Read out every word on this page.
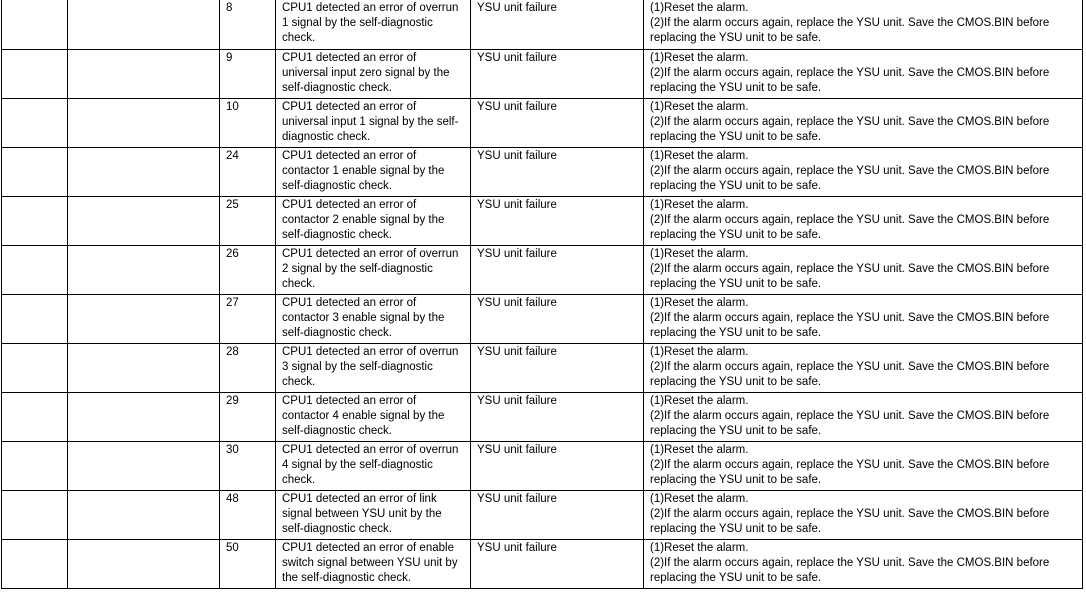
		8	CPU1 detected an error of overrun 1 signal by the self-diagnostic check.	YSU unit failure	(1)Reset the alarm.
(2)If the alarm occurs again, replace the YSU unit. Save the CMOS.BIN before replacing the YSU unit to be safe.

		9	CPU1 detected an error of universal input zero signal by the self-diagnostic check.	YSU unit failure	(1)Reset the alarm.
(2)If the alarm occurs again, replace the YSU unit. Save the CMOS.BIN before replacing the YSU unit to be safe.

		10	CPU1 detected an error of universal input 1 signal by the self-diagnostic check.	YSU unit failure	(1)Reset the alarm.
(2)If the alarm occurs again, replace the YSU unit. Save the CMOS.BIN before replacing the YSU unit to be safe.

		24	CPU1 detected an error of contactor 1 enable signal by the self-diagnostic check.	YSU unit failure	(1)Reset the alarm.
(2)If the alarm occurs again, replace the YSU unit. Save the CMOS.BIN before replacing the YSU unit to be safe.

		25	CPU1 detected an error of contactor 2 enable signal by the self-diagnostic check.	YSU unit failure	(1)Reset the alarm.
(2)If the alarm occurs again, replace the YSU unit. Save the CMOS.BIN before replacing the YSU unit to be safe.

		26	CPU1 detected an error of overrun 2 signal by the self-diagnostic check.	YSU unit failure	(1)Reset the alarm.
(2)If the alarm occurs again, replace the YSU unit. Save the CMOS.BIN before replacing the YSU unit to be safe.

		27	CPU1 detected an error of contactor 3 enable signal by the self-diagnostic check.	YSU unit failure	(1)Reset the alarm.
(2)If the alarm occurs again, replace the YSU unit. Save the CMOS.BIN before replacing the YSU unit to be safe.

		28	CPU1 detected an error of overrun 3 signal by the self-diagnostic check.	YSU unit failure	(1)Reset the alarm.
(2)If the alarm occurs again, replace the YSU unit. Save the CMOS.BIN before replacing the YSU unit to be safe.

		29	CPU1 detected an error of contactor 4 enable signal by the self-diagnostic check.	YSU unit failure	(1)Reset the alarm.
(2)If the alarm occurs again, replace the YSU unit. Save the CMOS.BIN before replacing the YSU unit to be safe.

		30	CPU1 detected an error of overrun 4 signal by the self-diagnostic check.	YSU unit failure	(1)Reset the alarm.
(2)If the alarm occurs again, replace the YSU unit. Save the CMOS.BIN before replacing the YSU unit to be safe.

		48	CPU1 detected an error of link signal between YSU unit by the self-diagnostic check.	YSU unit failure	(1)Reset the alarm.
(2)If the alarm occurs again, replace the YSU unit. Save the CMOS.BIN before replacing the YSU unit to be safe.

		50	CPU1 detected an error of enable switch signal between YSU unit by the self-diagnostic check.	YSU unit failure	(1)Reset the alarm.
(2)If the alarm occurs again, replace the YSU unit. Save the CMOS.BIN before replacing the YSU unit to be safe.
